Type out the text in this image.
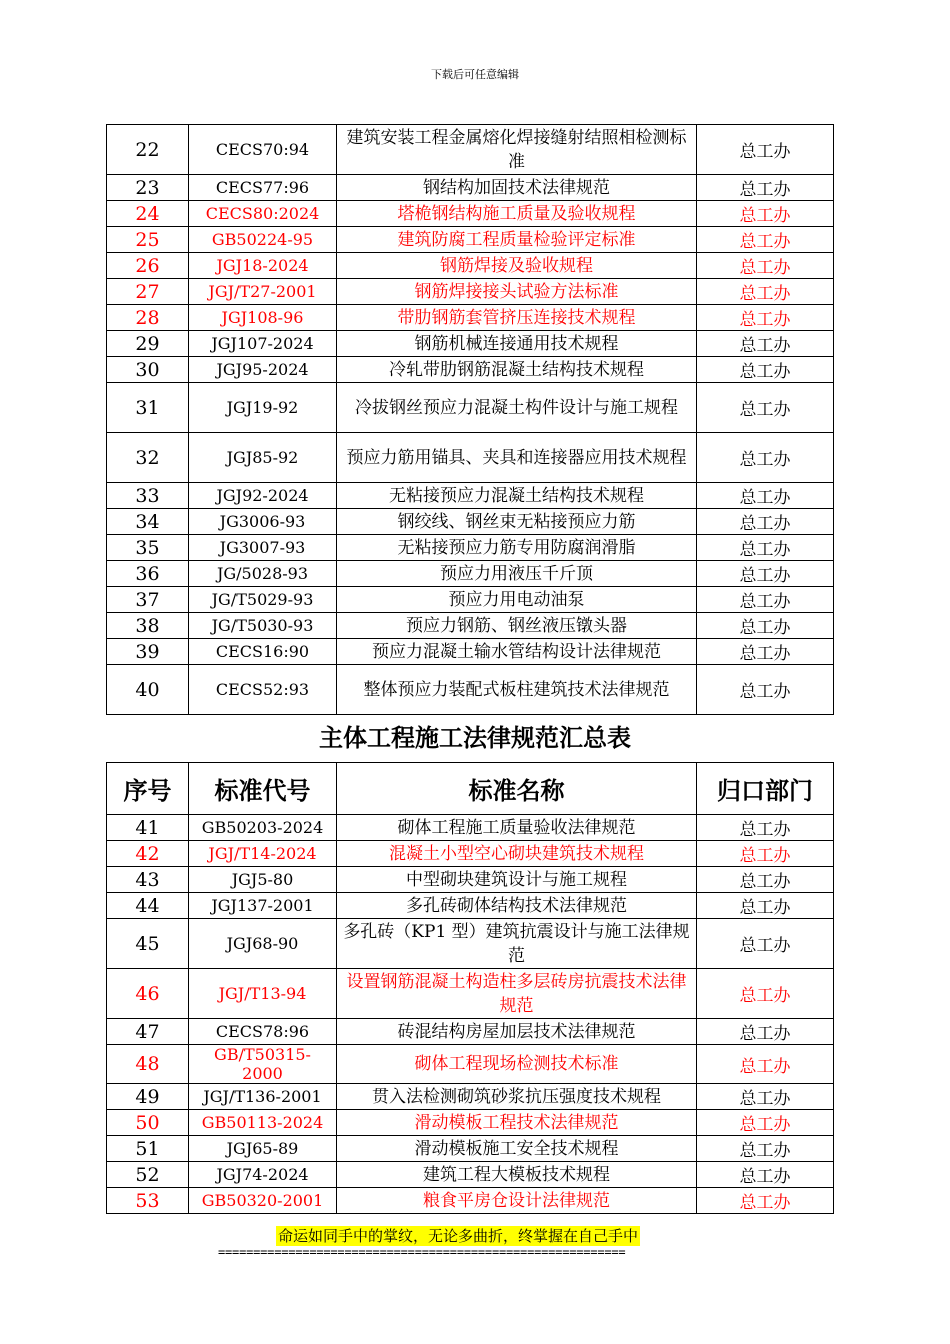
下载后可任意编辑
22	CECS70:94	建筑安装工程金属熔化焊接缝射结照相检测标准	总工办
23	CECS77:96	钢结构加固技术法律规范	总工办
24	CECS80:2024	塔桅钢结构施工质量及验收规程	总工办
25	GB50224-95	建筑防腐工程质量检验评定标准	总工办
26	JGJ18-2024	钢筋焊接及验收规程	总工办
27	JGJ/T27-2001	钢筋焊接接头试验方法标准	总工办
28	JGJ108-96	带肋钢筋套管挤压连接技术规程	总工办
29	JGJ107-2024	钢筋机械连接通用技术规程	总工办
30	JGJ95-2024	冷轧带肋钢筋混凝土结构技术规程	总工办
31	JGJ19-92	冷拔钢丝预应力混凝土构件设计与施工规程	总工办
32	JGJ85-92	预应力筋用锚具、夹具和连接器应用技术规程	总工办
33	JGJ92-2024	无粘接预应力混凝土结构技术规程	总工办
34	JG3006-93	钢绞线、钢丝束无粘接预应力筋	总工办
35	JG3007-93	无粘接预应力筋专用防腐润滑脂	总工办
36	JG/5028-93	预应力用液压千斤顶	总工办
37	JG/T5029-93	预应力用电动油泵	总工办
38	JG/T5030-93	预应力钢筋、钢丝液压镦头器	总工办
39	CECS16:90	预应力混凝土输水管结构设计法律规范	总工办
40	CECS52:93	整体预应力装配式板柱建筑技术法律规范	总工办
主体工程施工法律规范汇总表
序号	标准代号	标准名称	归口部门
41	GB50203-2024	砌体工程施工质量验收法律规范	总工办
42	JGJ/T14-2024	混凝土小型空心砌块建筑技术规程	总工办
43	JGJ5-80	中型砌块建筑设计与施工规程	总工办
44	JGJ137-2001	多孔砖砌体结构技术法律规范	总工办
45	JGJ68-90	多孔砖（KP1 型）建筑抗震设计与施工法律规范	总工办
46	JGJ/T13-94	设置钢筋混凝土构造柱多层砖房抗震技术法律规范	总工办
47	CECS78:96	砖混结构房屋加层技术法律规范	总工办
48	GB/T50315-2000	砌体工程现场检测技术标准	总工办
49	JGJ/T136-2001	贯入法检测砌筑砂浆抗压强度技术规程	总工办
50	GB50113-2024	滑动模板工程技术法律规范	总工办
51	JGJ65-89	滑动模板施工安全技术规程	总工办
52	JGJ74-2024	建筑工程大模板技术规程	总工办
53	GB50320-2001	粮食平房仓设计法律规范	总工办
命运如同手中的掌纹，无论多曲折，终掌握在自己手中
==========================================================
